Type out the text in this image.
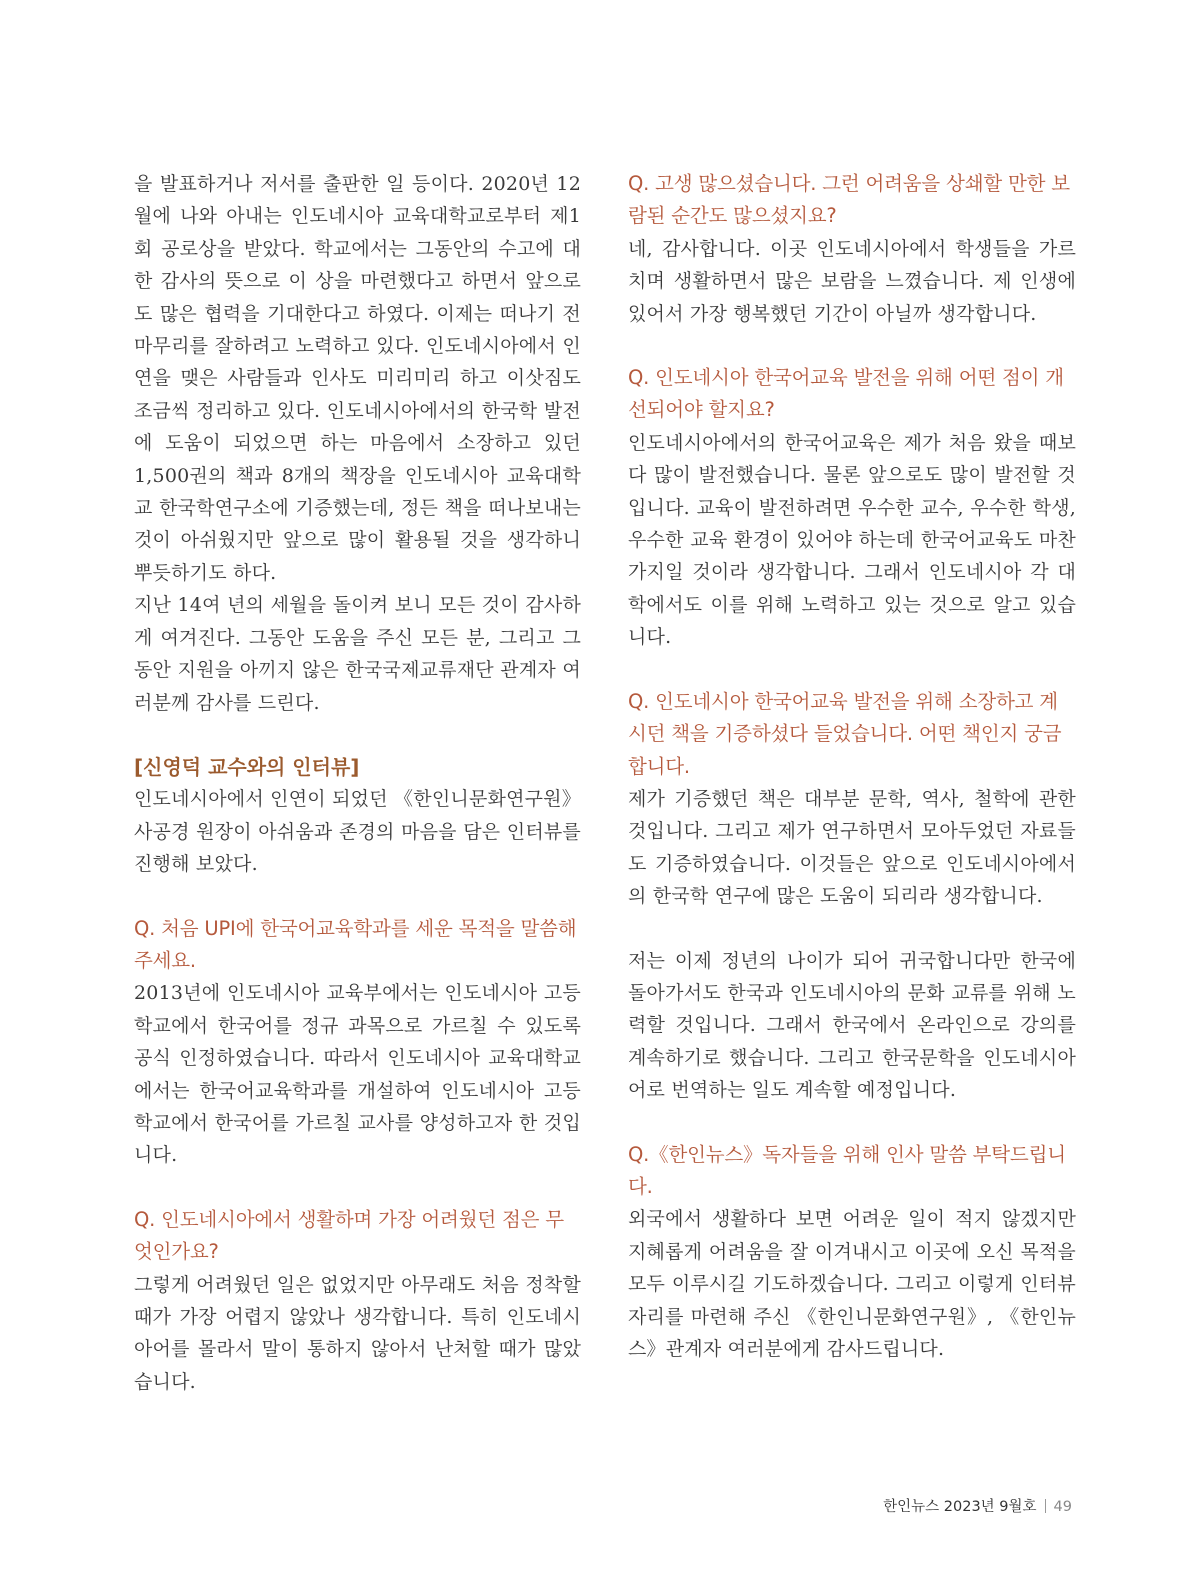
을 발표하거나 저서를 출판한 일 등이다. 2020년 12월에 나와 아내는 인도네시아 교육대학교로부터 제1회 공로상을 받았다. 학교에서는 그동안의 수고에 대한 감사의 뜻으로 이 상을 마련했다고 하면서 앞으로도 많은 협력을 기대한다고 하였다. 이제는 떠나기 전 마무리를 잘하려고 노력하고 있다. 인도네시아에서 인연을 맺은 사람들과 인사도 미리미리 하고 이삿짐도 조금씩 정리하고 있다. 인도네시아에서의 한국학 발전에 도움이 되었으면 하는 마음에서 소장하고 있던 1,500권의 책과 8개의 책장을 인도네시아 교육대학교 한국학연구소에 기증했는데, 정든 책을 떠나보내는 것이 아쉬웠지만 앞으로 많이 활용될 것을 생각하니 뿌듯하기도 하다.

지난 14여 년의 세월을 돌이켜 보니 모든 것이 감사하게 여겨진다. 그동안 도움을 주신 모든 분, 그리고 그동안 지원을 아끼지 않은 한국국제교류재단 관계자 여러분께 감사를 드린다.

[신영덕 교수와의 인터뷰]

인도네시아에서 인연이 되었던 《한인니문화연구원》 사공경 원장이 아쉬움과 존경의 마음을 담은 인터뷰를 진행해 보았다.

Q. 처음 UPI에 한국어교육학과를 세운 목적을 말씀해 주세요.

2013년에 인도네시아 교육부에서는 인도네시아 고등학교에서 한국어를 정규 과목으로 가르칠 수 있도록 공식 인정하였습니다. 따라서 인도네시아 교육대학교에서는 한국어교육학과를 개설하여 인도네시아 고등학교에서 한국어를 가르칠 교사를 양성하고자 한 것입니다.

Q. 인도네시아에서 생활하며 가장 어려웠던 점은 무엇인가요?

그렇게 어려웠던 일은 없었지만 아무래도 처음 정착할 때가 가장 어렵지 않았나 생각합니다. 특히 인도네시아어를 몰라서 말이 통하지 않아서 난처할 때가 많았습니다.

Q. 고생 많으셨습니다. 그런 어려움을 상쇄할 만한 보람된 순간도 많으셨지요?

네, 감사합니다. 이곳 인도네시아에서 학생들을 가르치며 생활하면서 많은 보람을 느꼈습니다. 제 인생에 있어서 가장 행복했던 기간이 아닐까 생각합니다.

Q. 인도네시아 한국어교육 발전을 위해 어떤 점이 개선되어야 할지요?

인도네시아에서의 한국어교육은 제가 처음 왔을 때보다 많이 발전했습니다. 물론 앞으로도 많이 발전할 것입니다. 교육이 발전하려면 우수한 교수, 우수한 학생, 우수한 교육 환경이 있어야 하는데 한국어교육도 마찬가지일 것이라 생각합니다. 그래서 인도네시아 각 대학에서도 이를 위해 노력하고 있는 것으로 알고 있습니다.

Q. 인도네시아 한국어교육 발전을 위해 소장하고 계시던 책을 기증하셨다 들었습니다. 어떤 책인지 궁금합니다.

제가 기증했던 책은 대부분 문학, 역사, 철학에 관한 것입니다. 그리고 제가 연구하면서 모아두었던 자료들도 기증하였습니다. 이것들은 앞으로 인도네시아에서의 한국학 연구에 많은 도움이 되리라 생각합니다.

저는 이제 정년의 나이가 되어 귀국합니다만 한국에 돌아가서도 한국과 인도네시아의 문화 교류를 위해 노력할 것입니다. 그래서 한국에서 온라인으로 강의를 계속하기로 했습니다. 그리고 한국문학을 인도네시아어로 번역하는 일도 계속할 예정입니다.

Q.《한인뉴스》독자들을 위해 인사 말씀 부탁드립니다.

외국에서 생활하다 보면 어려운 일이 적지 않겠지만 지혜롭게 어려움을 잘 이겨내시고 이곳에 오신 목적을 모두 이루시길 기도하겠습니다. 그리고 이렇게 인터뷰 자리를 마련해 주신 《한인니문화연구원》, 《한인뉴스》관계자 여러분에게 감사드립니다.

한인뉴스 2023년 9월호 49
